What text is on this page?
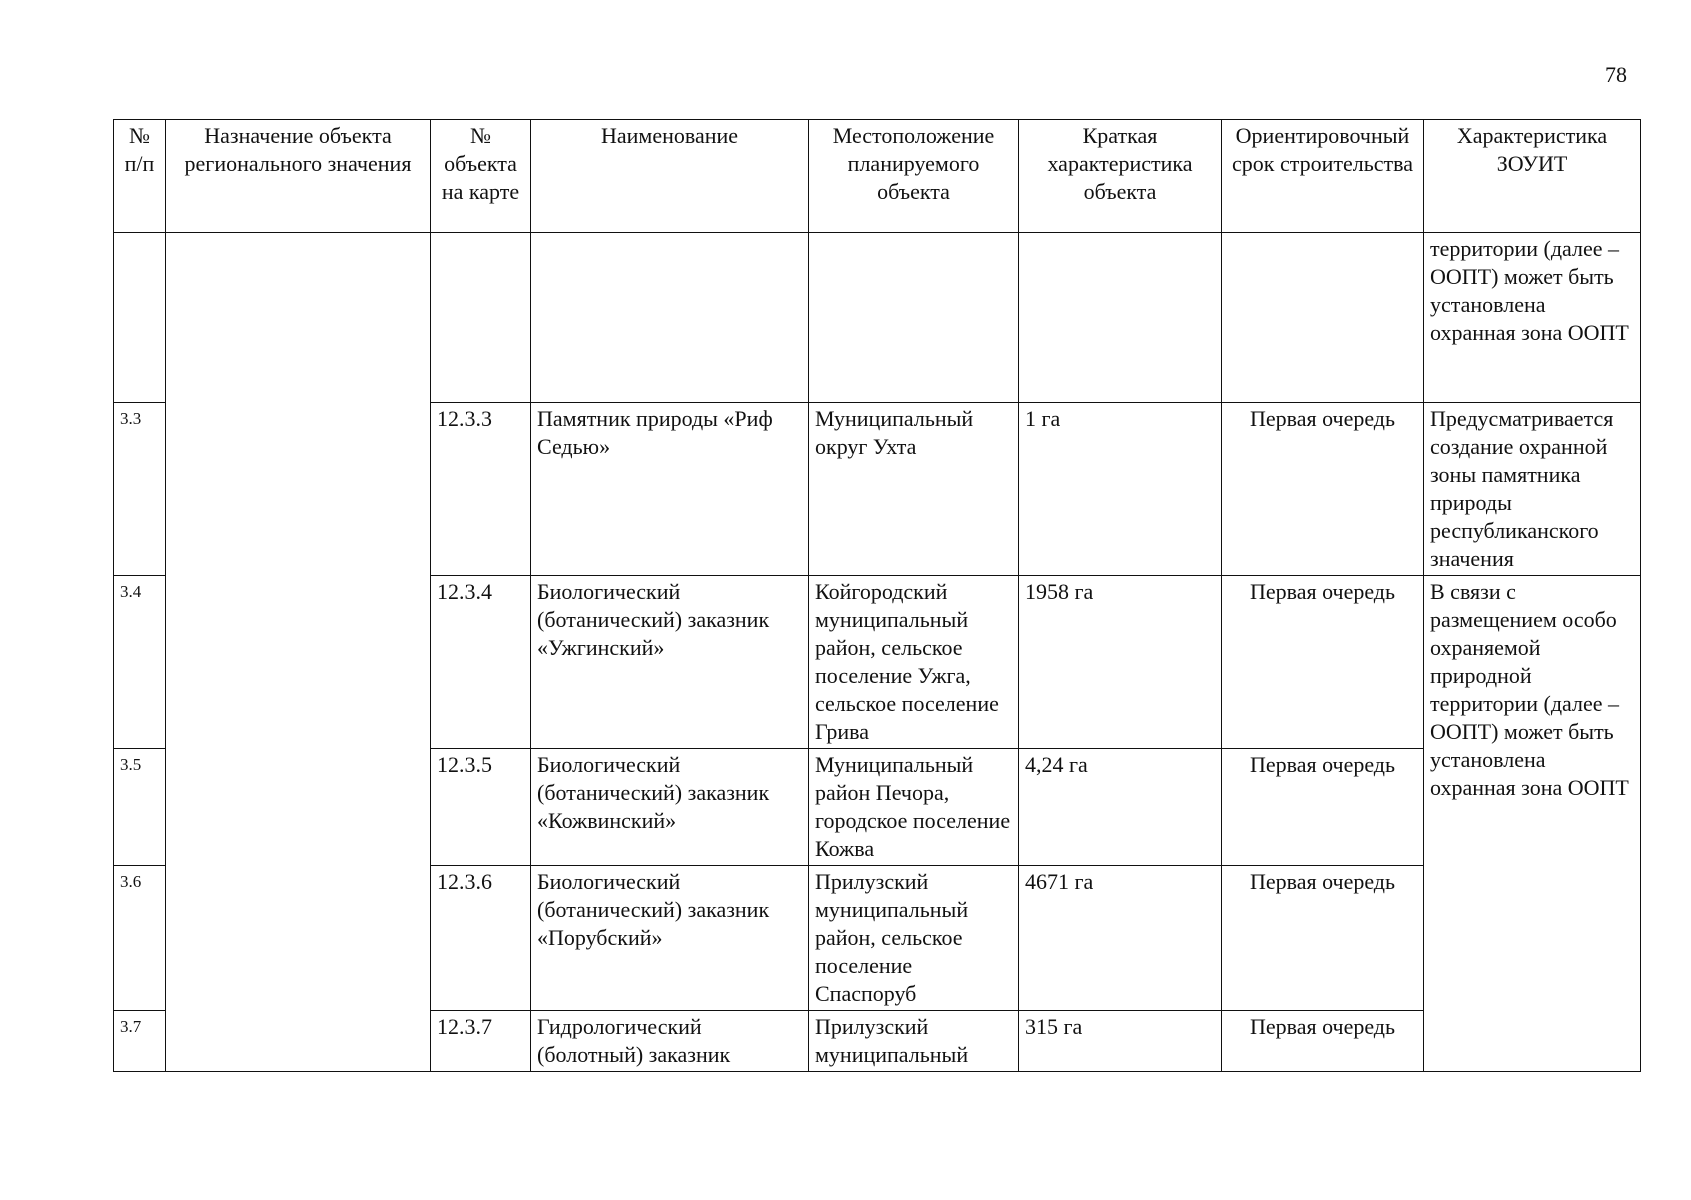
78
№ п/п	Назначение объекта регионального значения	№ объекта на карте	Наименование	Местоположение планируемого объекта	Краткая характеристика объекта	Ориентировочный срок строительства	Характеристика ЗОУИТ
							территории (далее – ООПТ) может быть установлена охранная зона ООПТ
3.3		12.3.3	Памятник природы «Риф Седью»	Муниципальный округ Ухта	1 га	Первая очередь	Предусматривается создание охранной зоны памятника природы республиканского значения
3.4		12.3.4	Биологический (ботанический) заказник «Ужгинский»	Койгородский муниципальный район, сельское поселение Ужга, сельское поселение Грива	1958 га	Первая очередь	В связи с размещением особо охраняемой природной территории (далее – ООПТ) может быть установлена охранная зона ООПТ
3.5		12.3.5	Биологический (ботанический) заказник «Кожвинский»	Муниципальный район Печора, городское поселение Кожва	4,24 га	Первая очередь	
3.6		12.3.6	Биологический (ботанический) заказник «Порубский»	Прилузский муниципальный район, сельское поселение Спаспоруб	4671 га	Первая очередь	
3.7		12.3.7	Гидрологический (болотный) заказник	Прилузский муниципальный	315 га	Первая очередь	
